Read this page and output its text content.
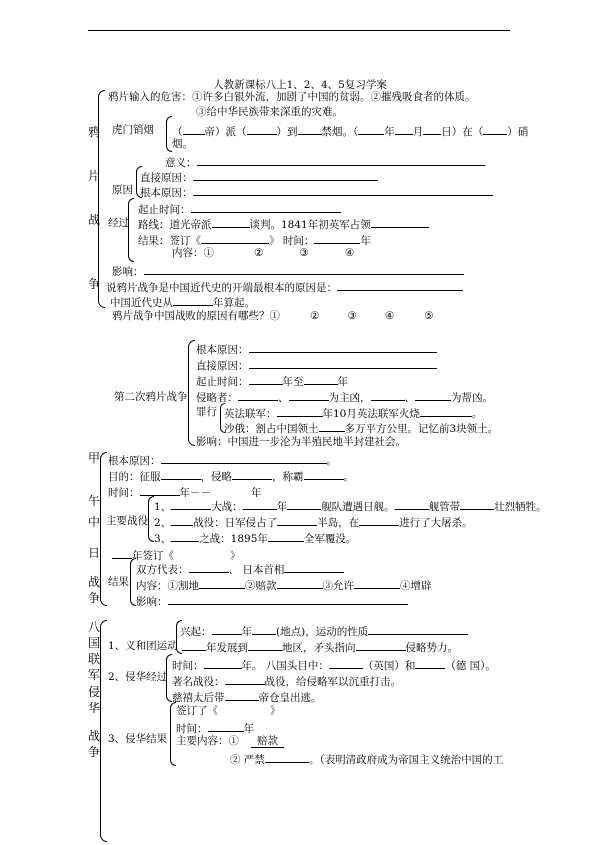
人教新课标八上1、2、4、5复习学案
鸦
片
战
争
鸦片输入的危害：①许多白银外流，加剧了中国的贫弱。②摧残吸食者的体质。
③给中华民族带来深重的灾难。
虎门销烟 （ 帝）派（	）到 禁烟。（ 年 月 日）在（ ）硝
烟。
意义：
原因
直接原因：
根本原因：
经过
起止时间：
路线：道光帝派	谈判。1841年初英军占领
结果：签订《	》 时间：	年
内容：①	②	③	④
影响：
说鸦片战争是中国近代史的开端最根本的原因是：
中国近代史从	年算起。
鸦片战争中国战败的原因有哪些？①	②	③	④	⑤
第二次鸦片战争
根本原因：
直接原因：
起止时间：	年至	年
侵略者：	、	为主凶，	、	为帮凶。
罪行 英法联军：	年10月英法联军火烧	。
沙俄：割占中国领土 多万平方公里。记忆前3块领土。
影响：中国进一步沦为半殖民地半封建社会。
甲
午
中
日
战
争
根本原因：	。
目的：征服	，侵略	，称霸	。
时间：	年－－	年
主要战役
1、	大战：	年	舰队遭遇日舰。	舰管带	壮烈牺牲。
2、 战役：日军侵占了	半岛，在	进行了大屠杀。
3、	之战：1895年	全军覆没。
年签订《	》
结果
双方代表：	、 日本首相
内容：①割地	②赔款	③允许	④增辟
影响：
八
国
联
军
侵
华
战
争
1、义和团运动
兴起：	年 (地点)，运动的性质
年发展到	地区，矛头指向	侵略势力。
2、侵华经过
时间：	年。 八国头目中：	（英国）和	（德 国）。
著名战役：	战役，给侵略军以沉重打击。
慈禧太后带	帝仓皇出逃。
3、侵华结果
签订了《	》
时间：	年
主要内容：① 赔款
② 严禁	。（表明清政府成为帝国主义统治中国的工
